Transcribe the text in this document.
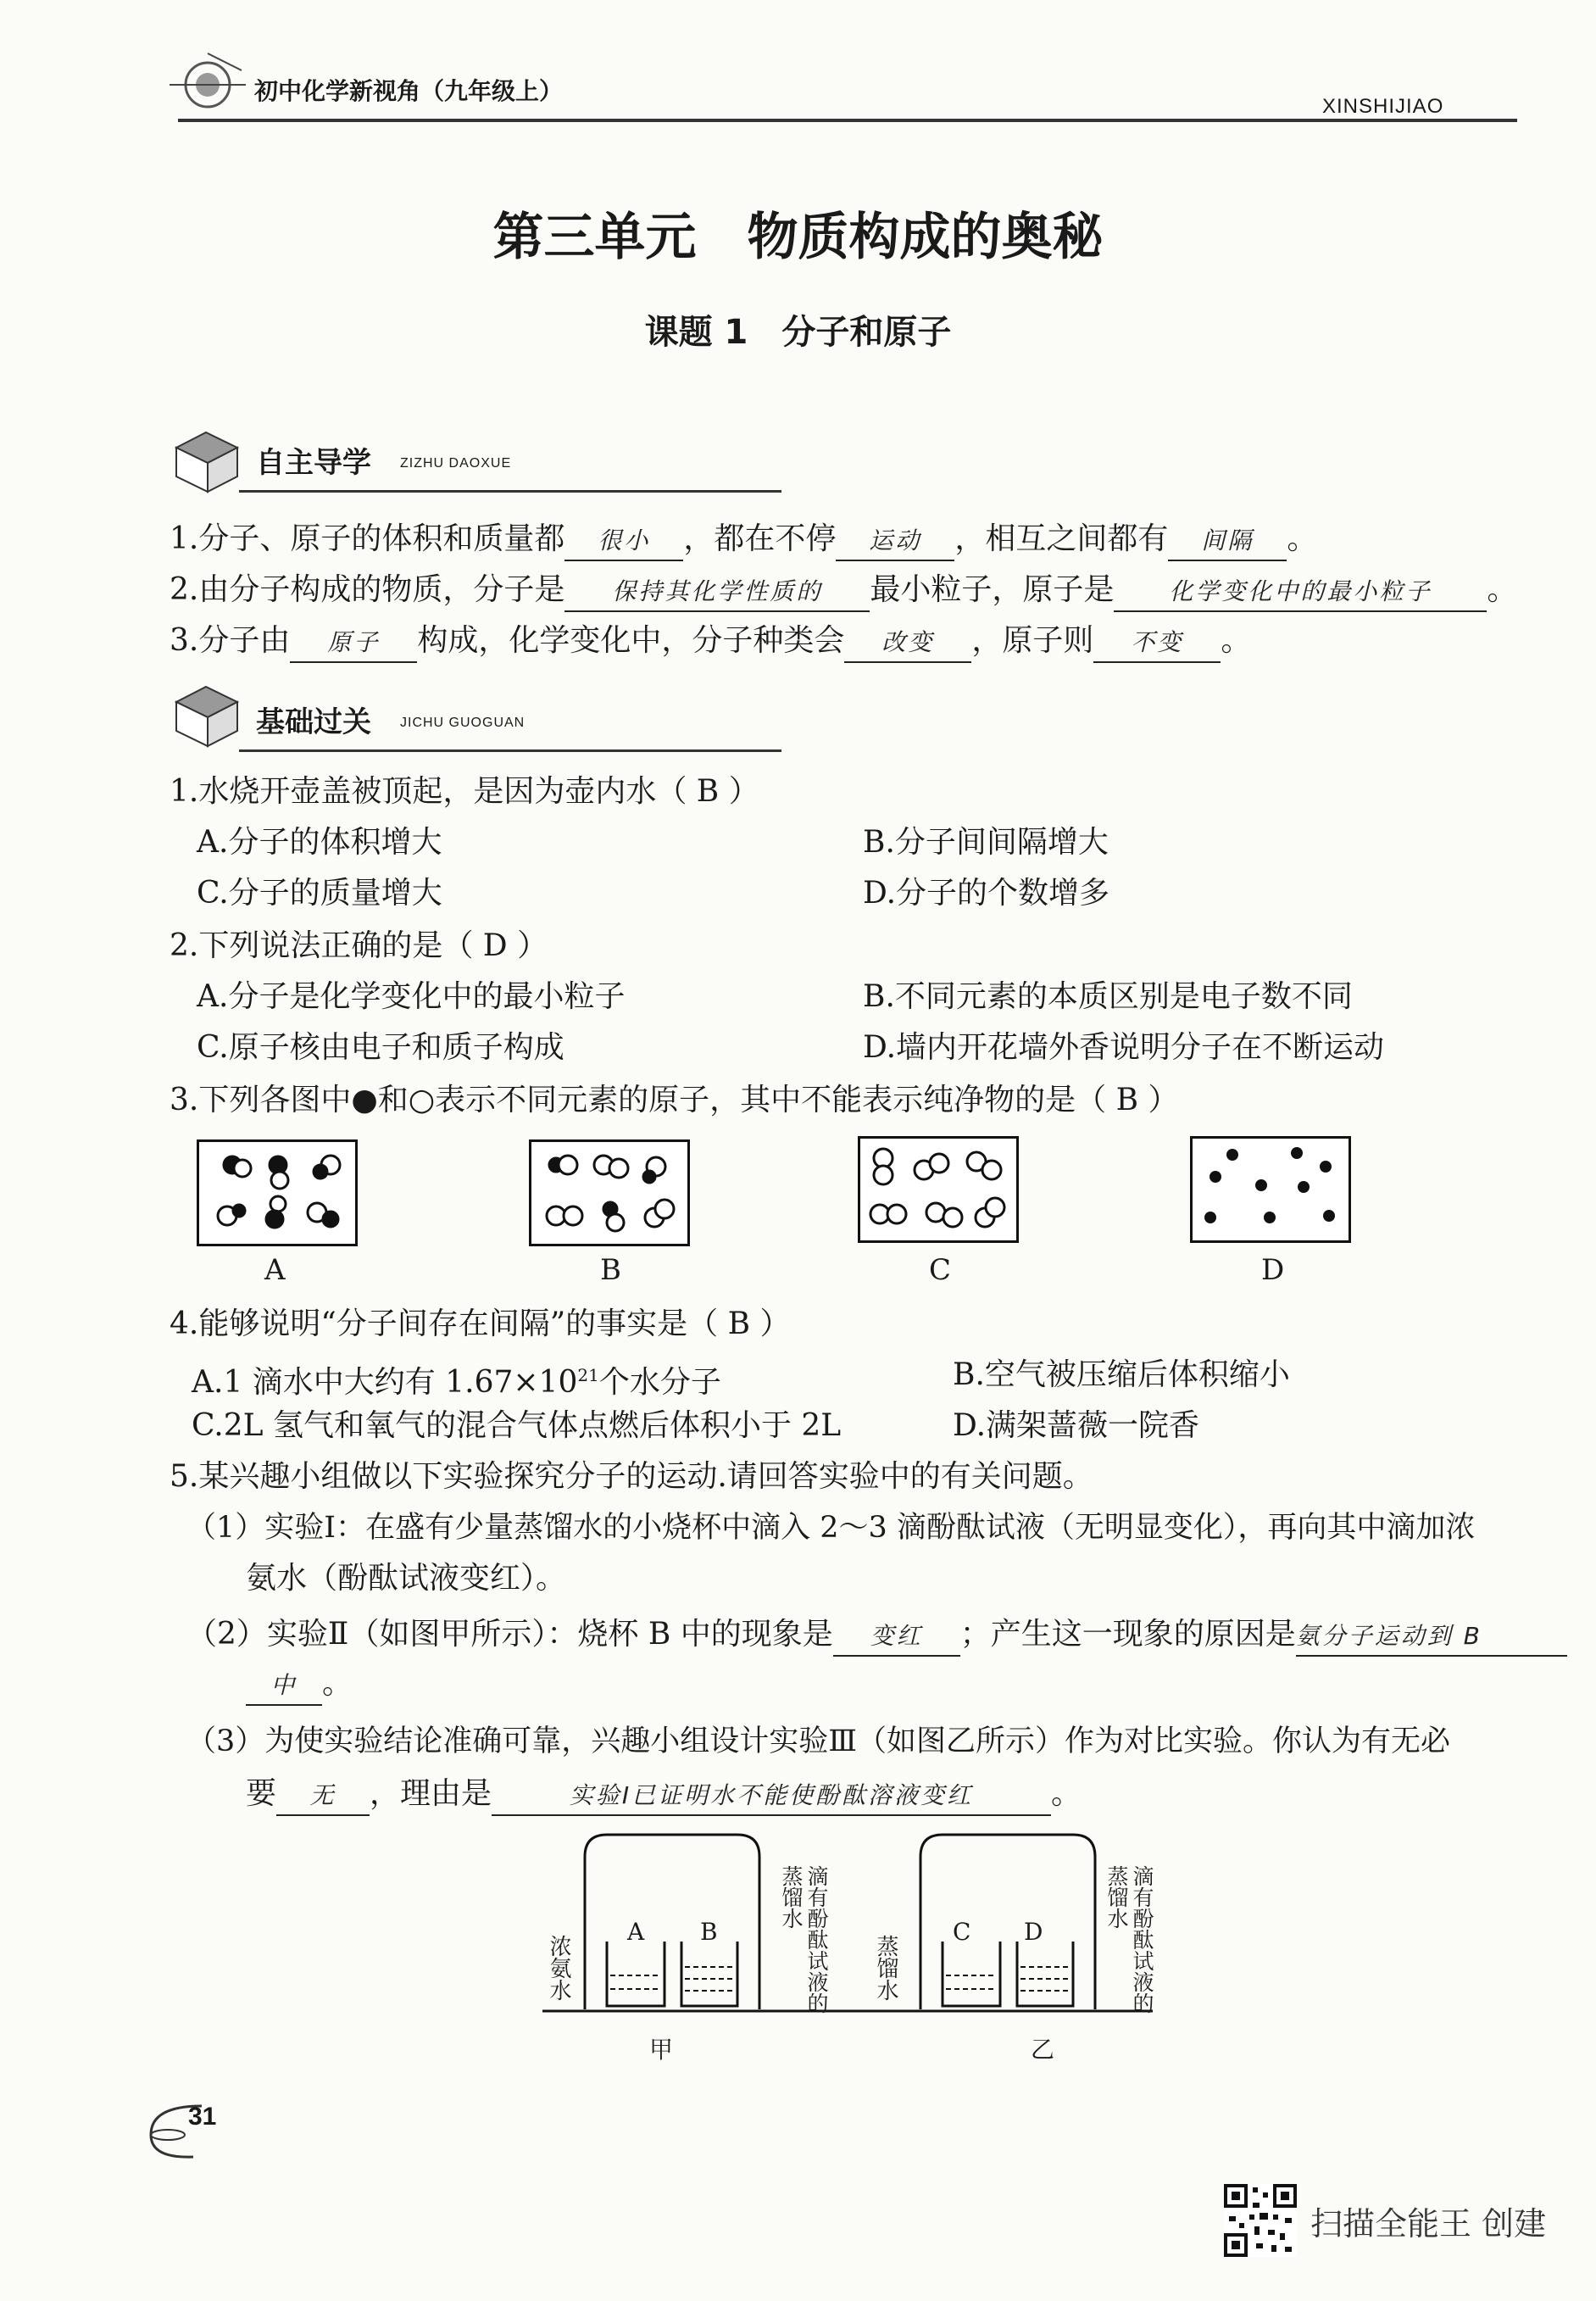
初中化学新视角（九年级上）
XINSHIJIAO
第三单元　物质构成的奥秘
课题 1　分子和原子
自主导学 ZIZHU DAOXUE
1.分子、原子的体积和质量都 很小 ，都在不停 运动 ，相互之间都有 间隔 。
2.由分子构成的物质，分子是 保持其化学性质的 最小粒子，原子是 化学变化中的最小粒子 。
3.分子由 原子 构成，化学变化中，分子种类会 改变 ，原子则 不变 。
基础过关 JICHU GUOGUAN
1.水烧开壶盖被顶起，是因为壶内水（ B ）
A.分子的体积增大	B.分子间间隔增大
C.分子的质量增大	D.分子的个数增多
2.下列说法正确的是（ D ）
A.分子是化学变化中的最小粒子	B.不同元素的本质区别是电子数不同
C.原子核由电子和质子构成	D.墙内开花墙外香说明分子在不断运动
3.下列各图中●和○表示不同元素的原子，其中不能表示纯净物的是（ B ）
A	B	C	D
4.能够说明“分子间存在间隔”的事实是（ B ）
A.1 滴水中大约有 $1.67\times 10^{21}$个水分子	B.空气被压缩后体积缩小
C.2L 氢气和氧气的混合气体点燃后体积小于 2L	D.满架蔷薇一院香
5.某兴趣小组做以下实验探究分子的运动.请回答实验中的有关问题。
（1）实验Ⅰ：在盛有少量蒸馏水的小烧杯中滴入 2～3 滴酚酞试液（无明显变化），再向其中滴加浓
氨水（酚酞试液变红）。
（2）实验Ⅱ（如图甲所示）：烧杯 B 中的现象是 变红 ；产生这一现象的原因是氨分子运动到 B
中 。
（3）为使实验结论准确可靠，兴趣小组设计实验Ⅲ（如图乙所示）作为对比实验。你认为有无必
要 无 ，理由是	实验Ⅰ已证明水不能使酚酞溶液变红	。
浓氨水
A B	滴有酚酞试液的蒸馏水
甲
蒸馏水
C D	滴有酚酞试液的蒸馏水
乙
31
扫描全能王 创建
